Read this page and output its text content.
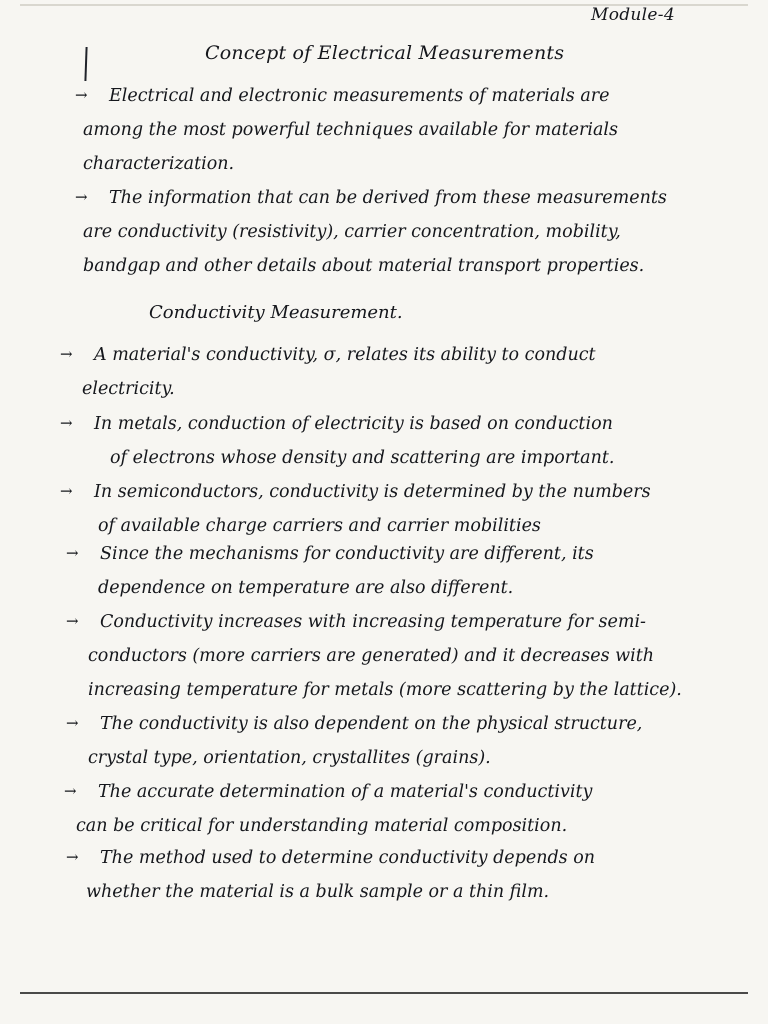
Module-4
Concept of Electrical Measurements

→ Electrical and electronic measurements of materials are
among the most powerful techniques available for materials
characterization.

→ The information that can be derived from these measurements
are conductivity (resistivity), carrier concentration, mobility,
bandgap and other details about material transport properties.

Conductivity Measurement.

→ A material's conductivity, σ, relates its ability to conduct
electricity.

→ In metals, conduction of electricity is based on conduction
of electrons whose density and scattering are important.

→ In semiconductors, conductivity is determined by the numbers
of available charge carriers and carrier mobilities

→ Since the mechanisms for conductivity are different, its
dependence on temperature are also different.

→ Conductivity increases with increasing temperature for semi-
conductors (more carriers are generated) and it decreases with
increasing temperature for metals (more scattering by the lattice).

→ The conductivity is also dependent on the physical structure,
crystal type, orientation, crystallites (grains).

→ The accurate determination of a material's conductivity
can be critical for understanding material composition.

→ The method used to determine conductivity depends on
whether the material is a bulk sample or a thin film.
